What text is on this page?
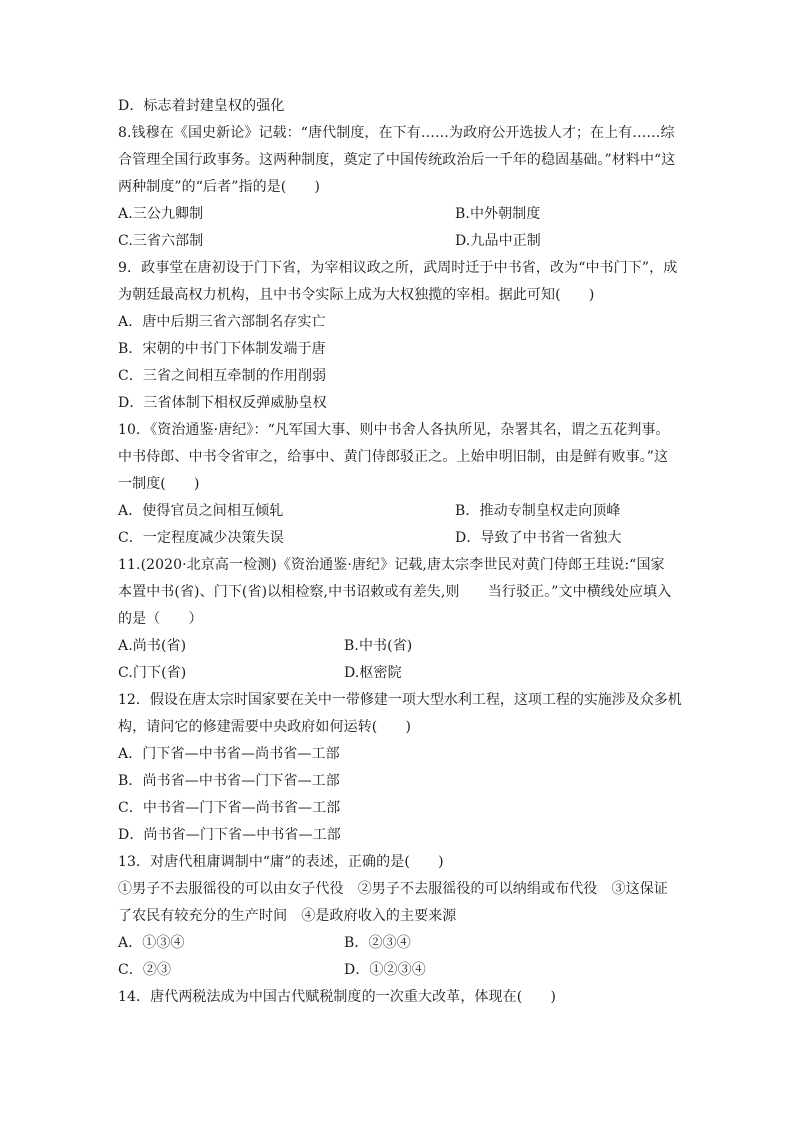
D．标志着封建皇权的强化
8.钱穆在《国史新论》记载：“唐代制度，在下有……为政府公开选拔人才；在上有……综
合管理全国行政事务。这两种制度，奠定了中国传统政治后一千年的稳固基础。”材料中“这
两种制度”的“后者”指的是(　　)
A.三公九卿制	B.中外朝制度
C.三省六部制	D.九品中正制
9．政事堂在唐初设于门下省，为宰相议政之所，武周时迁于中书省，改为“中书门下”，成
为朝廷最高权力机构，且中书令实际上成为大权独揽的宰相。据此可知(　　)
A．唐中后期三省六部制名存实亡
B．宋朝的中书门下体制发端于唐
C．三省之间相互牵制的作用削弱
D．三省体制下相权反弹威胁皇权
10．《资治通鉴·唐纪》：“凡军国大事、则中书舍人各执所见，杂署其名，谓之五花判事。
中书侍郎、中书令省审之，给事中、黄门侍郎驳正之。上始申明旧制，由是鲜有败事。”这
一制度(　　)
A．使得官员之间相互倾轧	B．推动专制皇权走向顶峰
C．一定程度减少决策失误	D．导致了中书省一省独大
11.(2020·北京高一检测)《资治通鉴·唐纪》记载,唐太宗李世民对黄门侍郎王珪说:“国家
本置中书(省)、门下(省)以相检察,中书诏敕或有差失,则　　当行驳正。”文中横线处应填入
的是（　　）
A.尚书(省)	B.中书(省)
C.门下(省)	D.枢密院
12．假设在唐太宗时国家要在关中一带修建一项大型水利工程，这项工程的实施涉及众多机
构，请问它的修建需要中央政府如何运转(　　)
A．门下省—中书省—尚书省—工部
B．尚书省—中书省—门下省—工部
C．中书省—门下省—尚书省—工部
D．尚书省—门下省—中书省—工部
13．对唐代租庸调制中“庸”的表述，正确的是(　　)
①男子不去服徭役的可以由女子代役　②男子不去服徭役的可以纳绢或布代役　③这保证
了农民有较充分的生产时间　④是政府收入的主要来源
A．①③④	B．②③④
C．②③	D．①②③④
14．唐代两税法成为中国古代赋税制度的一次重大改革，体现在(　　)
